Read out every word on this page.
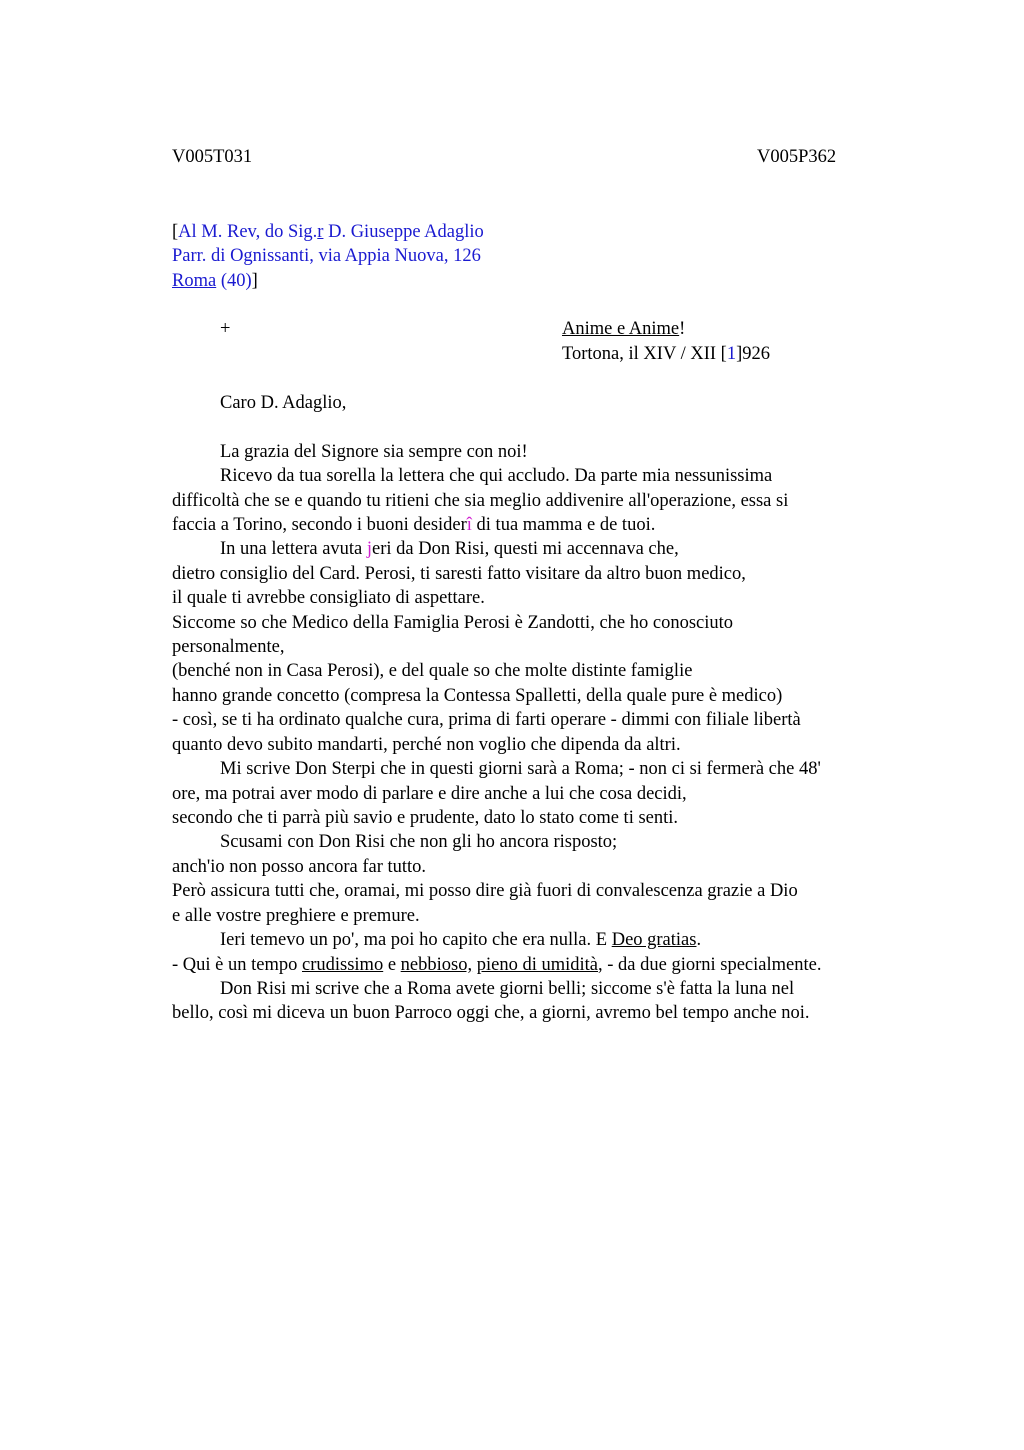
V005T031	V005P362
[Al M. Rev, do Sig.r D. Giuseppe Adaglio
Parr. di Ognissanti, via Appia Nuova, 126
Roma (40)]
+	Anime e Anime!
Tortona, il XIV / XII [1]926
Caro D. Adaglio,
La grazia del Signore sia sempre con noi!
Ricevo da tua sorella la lettera che qui accludo. Da parte mia nessunissima
difficoltà che se e quando tu ritieni che sia meglio addivenire all'operazione, essa si
faccia a Torino, secondo i buoni desiderî di tua mamma e de tuoi.
In una lettera avuta jeri da Don Risi, questi mi accennava che,
dietro consiglio del Card. Perosi, ti saresti fatto visitare da altro buon medico,
il quale ti avrebbe consigliato di aspettare.
Siccome so che Medico della Famiglia Perosi è Zandotti, che ho conosciuto
personalmente,
(benché non in Casa Perosi), e del quale so che molte distinte famiglie
hanno grande concetto (compresa la Contessa Spalletti, della quale pure è medico)
- così, se ti ha ordinato qualche cura, prima di farti operare - dimmi con filiale libertà
quanto devo subito mandarti, perché non voglio che dipenda da altri.
Mi scrive Don Sterpi che in questi giorni sarà a Roma; - non ci si fermerà che 48'
ore, ma potrai aver modo di parlare e dire anche a lui che cosa decidi,
secondo che ti parrà più savio e prudente, dato lo stato come ti senti.
Scusami con Don Risi che non gli ho ancora risposto;
anch'io non posso ancora far tutto.
Però assicura tutti che, oramai, mi posso dire già fuori di convalescenza grazie a Dio
e alle vostre preghiere e premure.
Ieri temevo un po', ma poi ho capito che era nulla. E Deo gratias.
- Qui è un tempo crudissimo e nebbioso, pieno di umidità, - da due giorni specialmente.
Don Risi mi scrive che a Roma avete giorni belli; siccome s'è fatta la luna nel
bello, così mi diceva un buon Parroco oggi che, a giorni, avremo bel tempo anche noi.
